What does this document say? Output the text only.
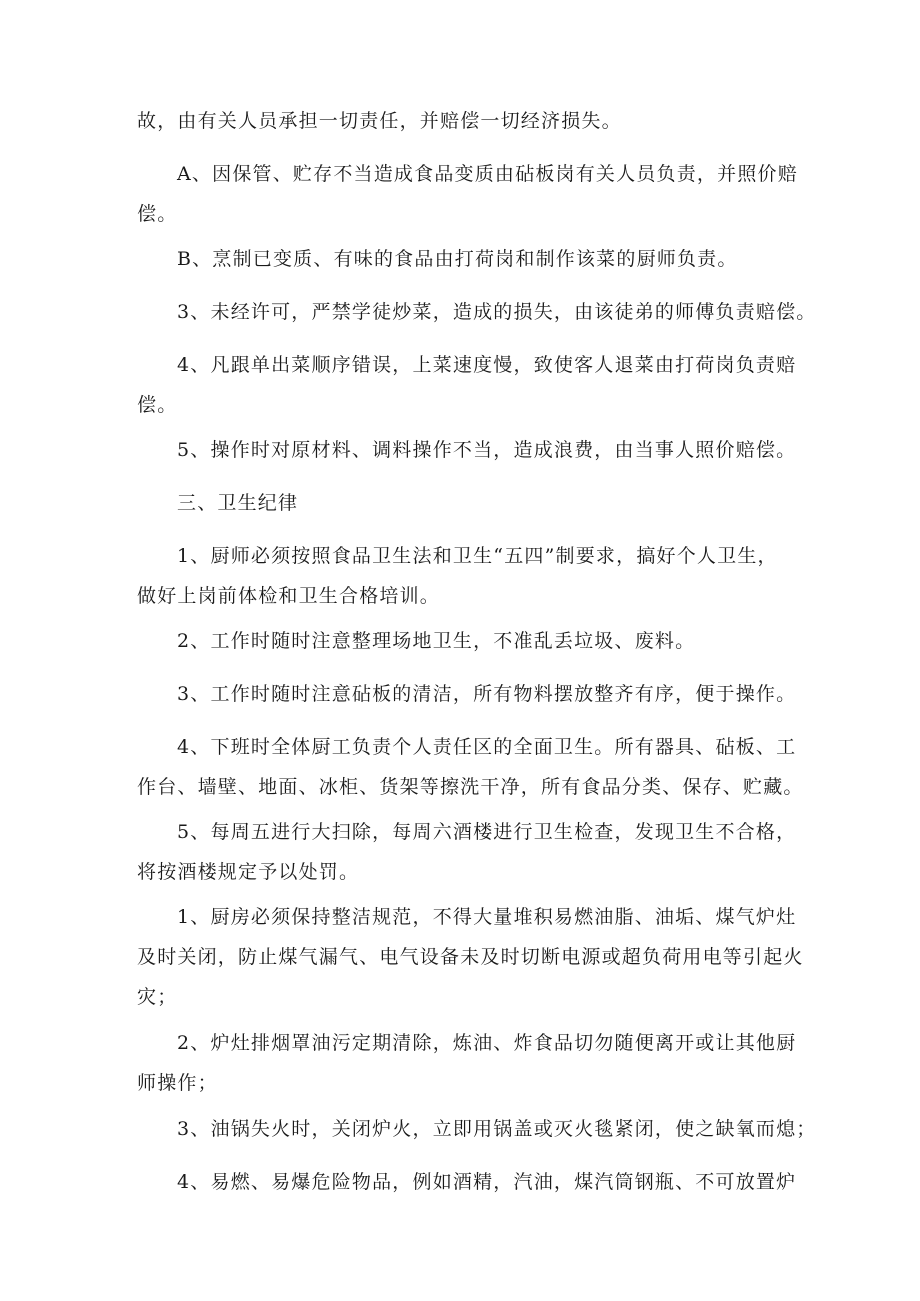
故，由有关人员承担一切责任，并赔偿一切经济损失。

A、因保管、贮存不当造成食品变质由砧板岗有关人员负责，并照价赔
偿。

B、烹制已变质、有味的食品由打荷岗和制作该菜的厨师负责。

3、未经许可，严禁学徒炒菜，造成的损失，由该徒弟的师傅负责赔偿。

4、凡跟单出菜顺序错误，上菜速度慢，致使客人退菜由打荷岗负责赔
偿。

5、操作时对原材料、调料操作不当，造成浪费，由当事人照价赔偿。

三、卫生纪律

1、厨师必须按照食品卫生法和卫生“五四”制要求，搞好个人卫生，
做好上岗前体检和卫生合格培训。

2、工作时随时注意整理场地卫生，不准乱丢垃圾、废料。

3、工作时随时注意砧板的清洁，所有物料摆放整齐有序，便于操作。

4、下班时全体厨工负责个人责任区的全面卫生。所有器具、砧板、工
作台、墙壁、地面、冰柜、货架等擦洗干净，所有食品分类、保存、贮藏。

5、每周五进行大扫除，每周六酒楼进行卫生检查，发现卫生不合格，
将按酒楼规定予以处罚。

1、厨房必须保持整洁规范，不得大量堆积易燃油脂、油垢、煤气炉灶
及时关闭，防止煤气漏气、电气设备未及时切断电源或超负荷用电等引起火
灾；

2、炉灶排烟罩油污定期清除，炼油、炸食品切勿随便离开或让其他厨
师操作；

3、油锅失火时，关闭炉火，立即用锅盖或灭火毯紧闭，使之缺氧而熄；

4、易燃、易爆危险物品，例如酒精，汽油，煤汽筒钢瓶、不可放置炉
